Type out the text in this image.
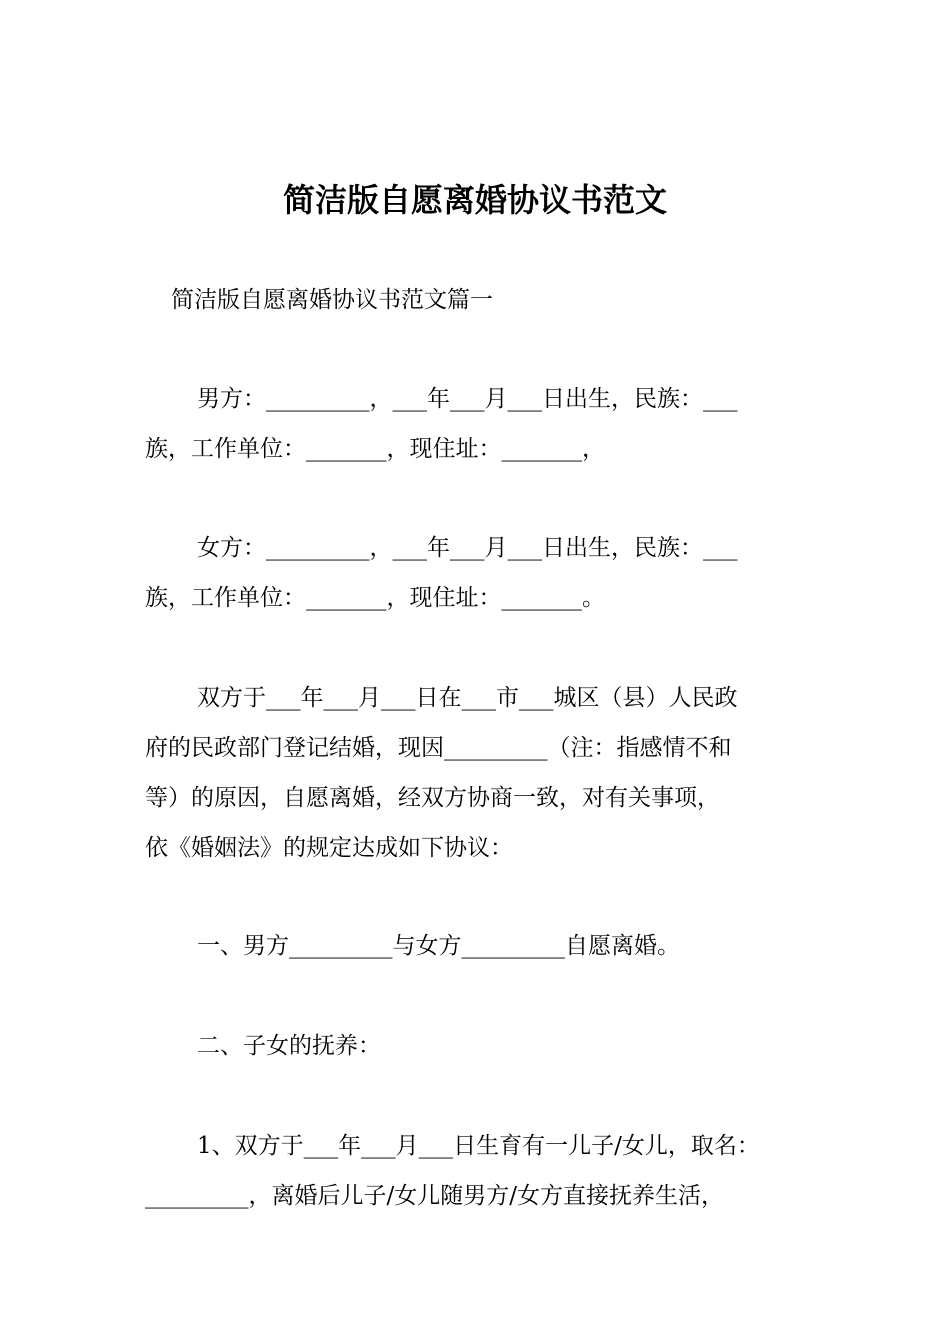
简洁版自愿离婚协议书范文
简洁版自愿离婚协议书范文篇一
男方：_________，___年___月___日出生，民族：___
族，工作单位：_______，现住址：_______，
女方：_________，___年___月___日出生，民族：___
族，工作单位：_______，现住址：_______。
双方于___年___月___日在___市___城区（县）人民政
府的民政部门登记结婚，现因_________（注：指感情不和
等）的原因，自愿离婚，经双方协商一致，对有关事项，
依《婚姻法》的规定达成如下协议：
一、男方_________与女方_________自愿离婚。
二、子女的抚养：
1、双方于___年___月___日生育有一儿子/女儿，取名：
_________，离婚后儿子/女儿随男方/女方直接抚养生活，
